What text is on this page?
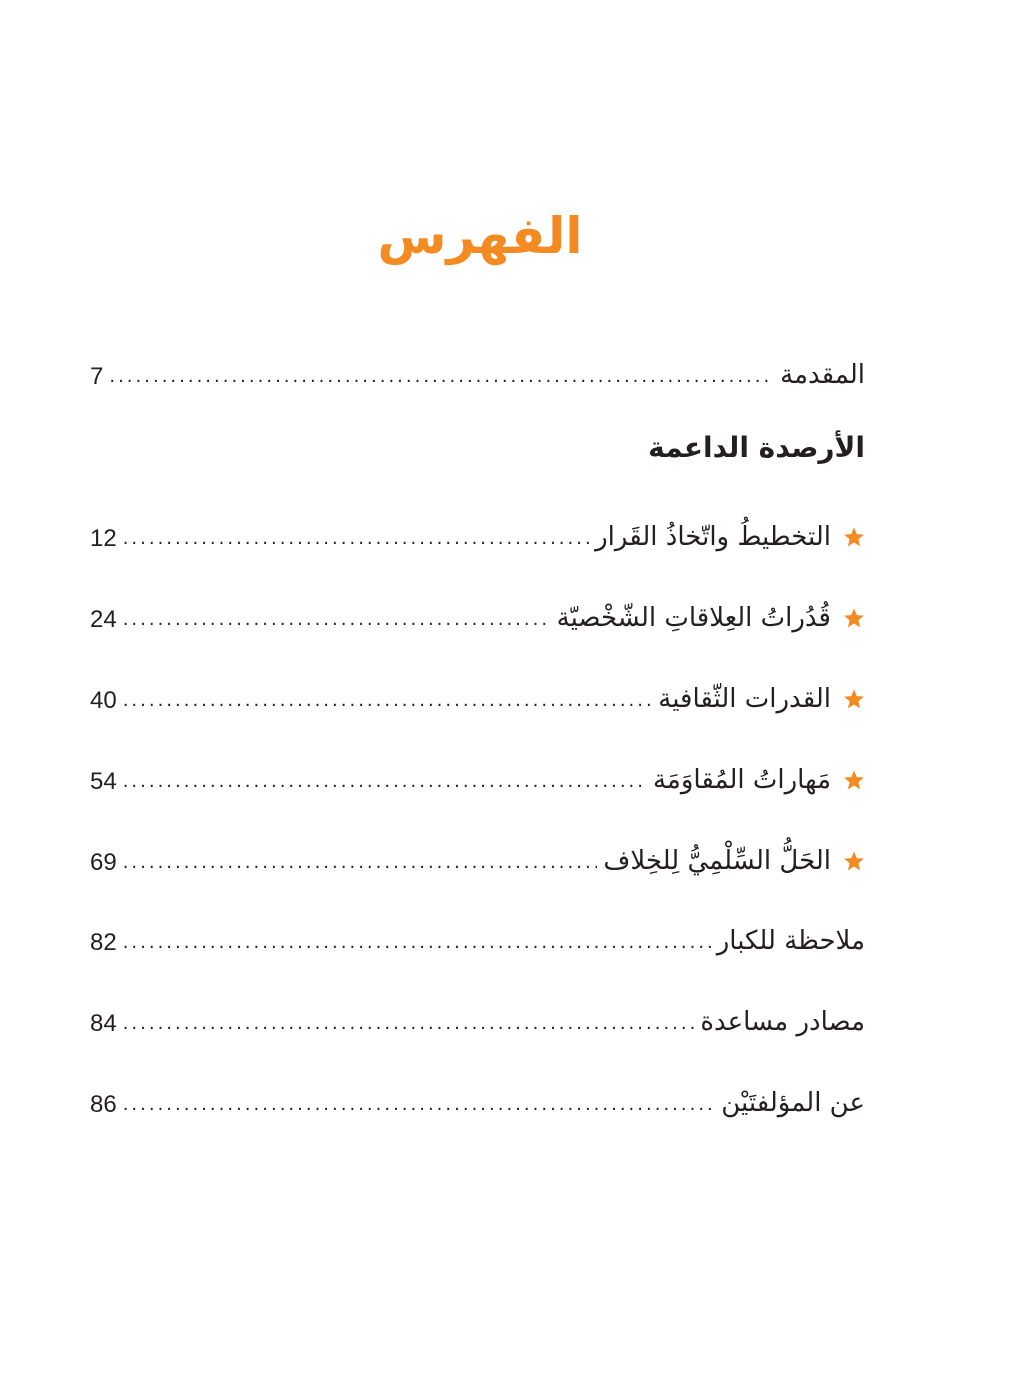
الفهرس
7 .....	المقدمة
الأرصدة الداعمة
12 .....	التخطيطُ واتّخاذُ القَرار
24 .....	قُدُراتُ العِلاقاتِ الشّخْصيّة
40 .....	القدرات الثّقافية
54 .....	مَهاراتُ المُقاوَمَة
69 .....	الحَلُّ السِّلْمِيُّ لِلخِلاف
82 .....	ملاحظة للكبار
84 .....	مصادر مساعدة
86 .....	عن المؤلفتَيْن
